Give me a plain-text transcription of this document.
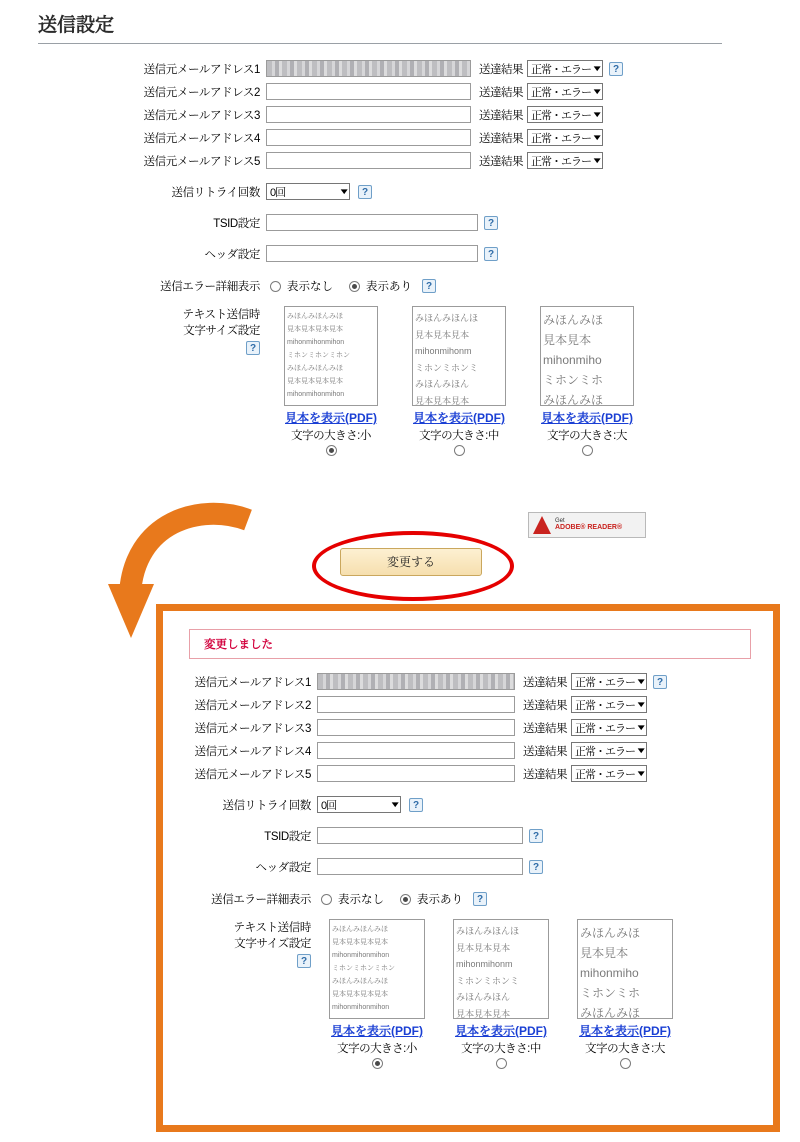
送信設定
送信元メールアドレス1	送達結果 正常・エラー ▼	?
送信元メールアドレス2	送達結果 正常・エラー ▼
送信元メールアドレス3	送達結果 正常・エラー ▼
送信元メールアドレス4	送達結果 正常・エラー ▼
送信元メールアドレス5	送達結果 正常・エラー ▼
送信リトライ回数 0回	▼	?
TSID設定	?
ヘッダ設定	?
送信エラー詳細表示 表示なし	表示あり	?
テキスト送信時
文字サイズ設定
?
みほんみほんみほ
見本見本見本見本
mihonmihonmihon
ミホンミホンミホン
みほんみほんみほ
見本見本見本見本
mihonmihonmihon
見本を表示(PDF)
文字の大きさ:小
みほんみほんほ
見本見本見本
mihonmihonm
ミホンミホンミ
みほんみほん
見本見本見本
見本を表示(PDF)
文字の大きさ:中
みほんみほ
見本見本
mihonmiho
ミホンミホ
みほんみほ
見本を表示(PDF)
文字の大きさ:大
Get
ADOBE® READER®
変更する
変更しました
送信元メールアドレス1	送達結果 正常・エラー ▼	?
送信元メールアドレス2	送達結果 正常・エラー ▼
送信元メールアドレス3	送達結果 正常・エラー ▼
送信元メールアドレス4	送達結果 正常・エラー ▼
送信元メールアドレス5	送達結果 正常・エラー ▼
送信リトライ回数 0回	▼	?
TSID設定	?
ヘッダ設定	?
送信エラー詳細表示 表示なし	表示あり	?
テキスト送信時
文字サイズ設定
?
みほんみほんみほ
見本見本見本見本
mihonmihonmihon
ミホンミホンミホン
みほんみほんみほ
見本見本見本見本
mihonmihonmihon
見本を表示(PDF)
文字の大きさ:小
みほんみほんほ
見本見本見本
mihonmihonm
ミホンミホンミ
みほんみほん
見本見本見本
見本を表示(PDF)
文字の大きさ:中
みほんみほ
見本見本
mihonmiho
ミホンミホ
みほんみほ
見本を表示(PDF)
文字の大きさ:大
